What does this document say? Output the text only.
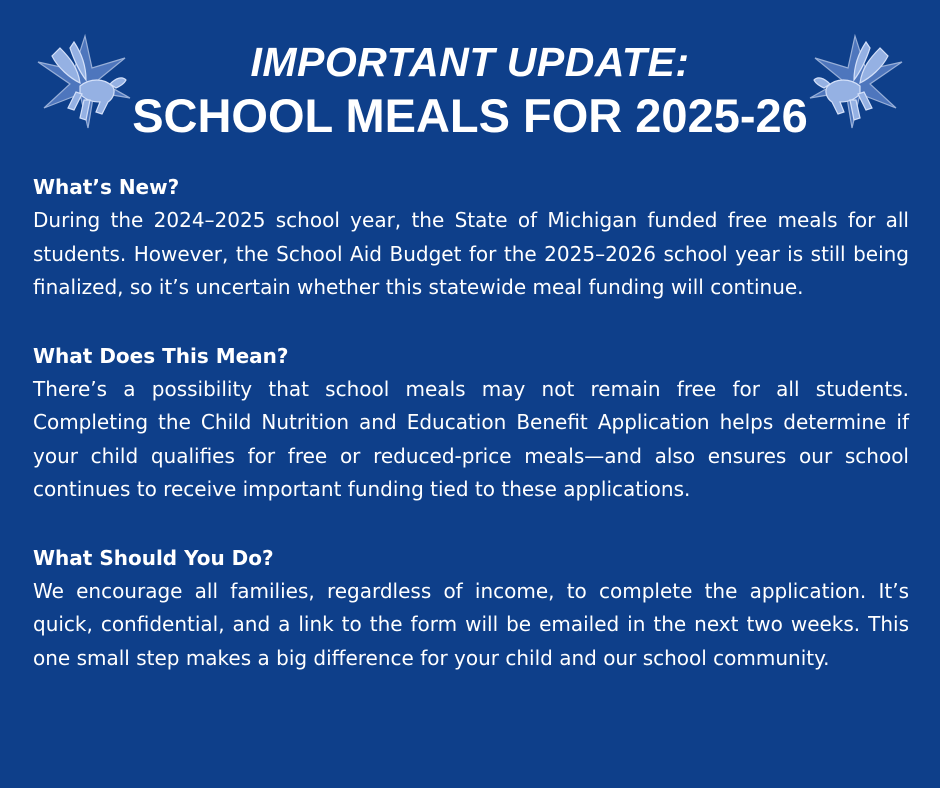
IMPORTANT UPDATE:
SCHOOL MEALS FOR 2025-26
What’s New?
During the 2024–2025 school year, the State of Michigan funded free meals for all students. However, the School Aid Budget for the 2025–2026 school year is still being finalized, so it’s uncertain whether this statewide meal funding will continue.
What Does This Mean?
There’s a possibility that school meals may not remain free for all students. Completing the Child Nutrition and Education Benefit Application helps determine if your child qualifies for free or reduced-price meals—and also ensures our school continues to receive important funding tied to these applications.
What Should You Do?
We encourage all families, regardless of income, to complete the application. It’s quick, confidential, and a link to the form will be emailed in the next two weeks. This one small step makes a big difference for your child and our school community.
